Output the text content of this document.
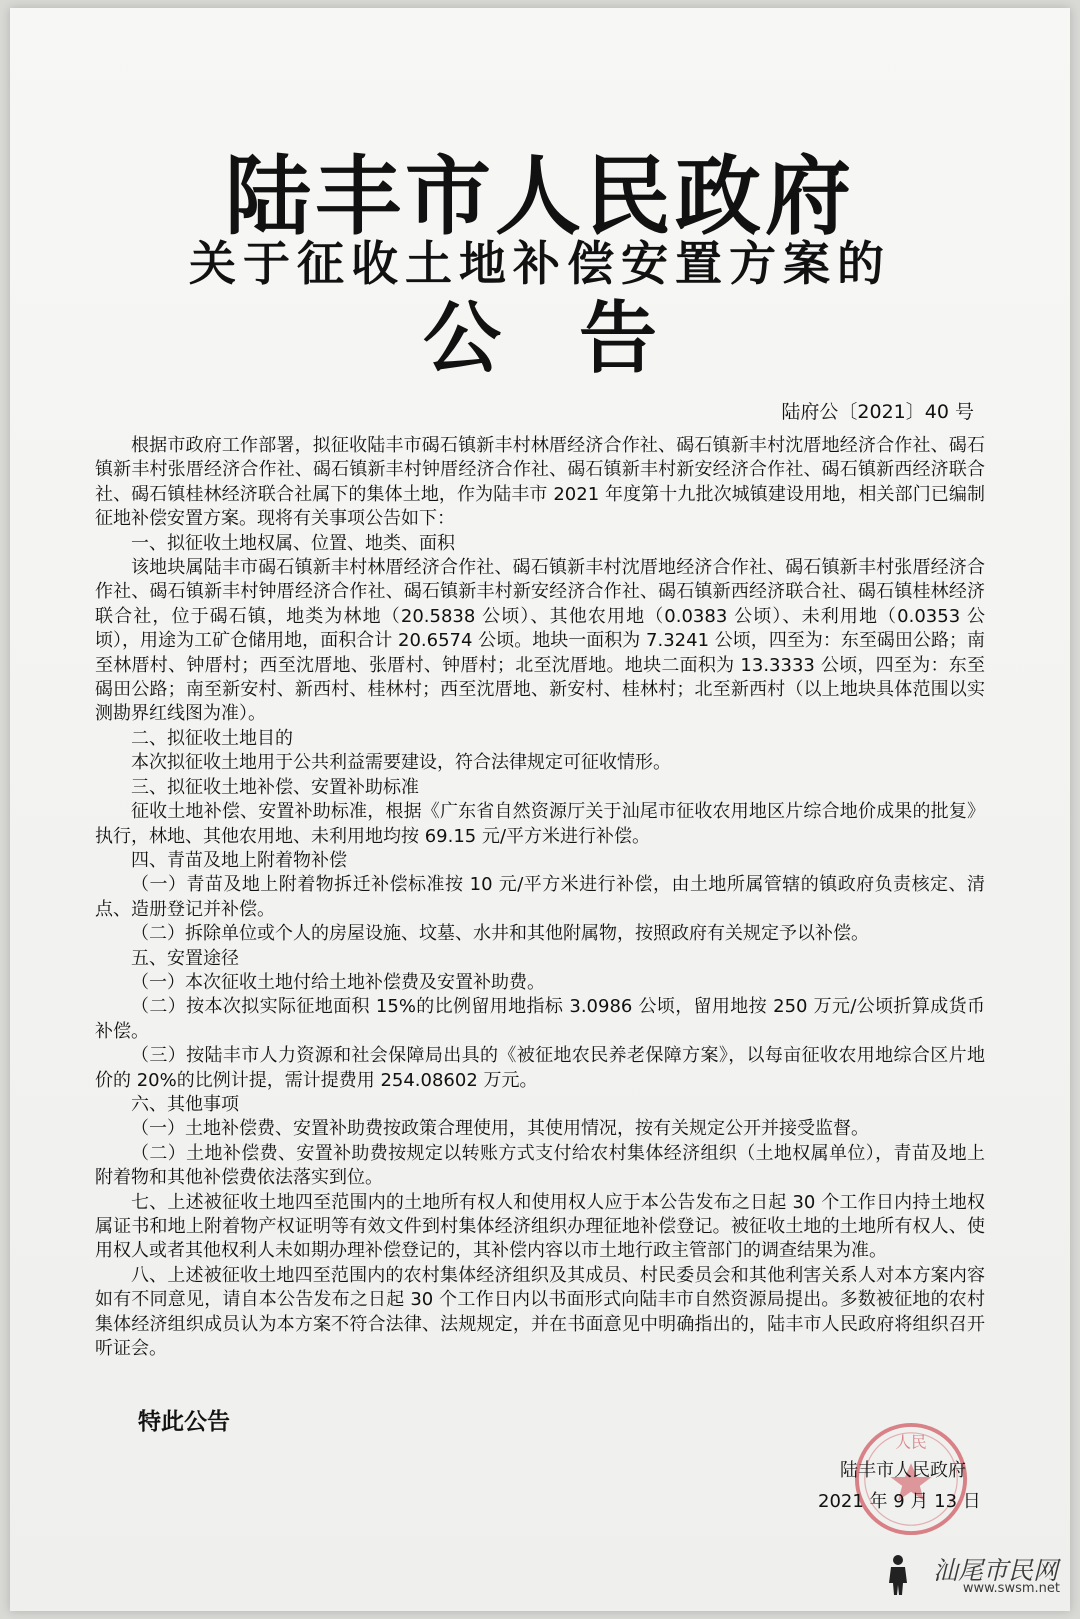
陆丰市人民政府
关于征收土地补偿安置方案的
公告
陆府公〔2021〕40 号

根据市政府工作部署，拟征收陆丰市碣石镇新丰村林厝经济合作社、碣石镇新丰村沈厝地经济合作社、碣石镇新丰村张厝经济合作社、碣石镇新丰村钟厝经济合作社、碣石镇新丰村新安经济合作社、碣石镇新西经济联合社、碣石镇桂林经济联合社属下的集体土地，作为陆丰市 2021 年度第十九批次城镇建设用地，相关部门已编制征地补偿安置方案。现将有关事项公告如下：

一、拟征收土地权属、位置、地类、面积

该地块属陆丰市碣石镇新丰村林厝经济合作社、碣石镇新丰村沈厝地经济合作社、碣石镇新丰村张厝经济合作社、碣石镇新丰村钟厝经济合作社、碣石镇新丰村新安经济合作社、碣石镇新西经济联合社、碣石镇桂林经济联合社，位于碣石镇，地类为林地（20.5838 公顷）、其他农用地（0.0383 公顷）、未利用地（0.0353 公顷），用途为工矿仓储用地，面积合计 20.6574 公顷。地块一面积为 7.3241 公顷，四至为：东至碣田公路；南至林厝村、钟厝村；西至沈厝地、张厝村、钟厝村；北至沈厝地。地块二面积为 13.3333 公顷，四至为：东至碣田公路；南至新安村、新西村、桂林村；西至沈厝地、新安村、桂林村；北至新西村（以上地块具体范围以实测勘界红线图为准）。

二、拟征收土地目的

本次拟征收土地用于公共利益需要建设，符合法律规定可征收情形。

三、拟征收土地补偿、安置补助标准

征收土地补偿、安置补助标准，根据《广东省自然资源厅关于汕尾市征收农用地区片综合地价成果的批复》执行，林地、其他农用地、未利用地均按 69.15 元/平方米进行补偿。

四、青苗及地上附着物补偿

（一）青苗及地上附着物拆迁补偿标准按 10 元/平方米进行补偿，由土地所属管辖的镇政府负责核定、清点、造册登记并补偿。

（二）拆除单位或个人的房屋设施、坟墓、水井和其他附属物，按照政府有关规定予以补偿。

五、安置途径

（一）本次征收土地付给土地补偿费及安置补助费。

（二）按本次拟实际征地面积 15%的比例留用地指标 3.0986 公顷，留用地按 250 万元/公顷折算成货币补偿。

（三）按陆丰市人力资源和社会保障局出具的《被征地农民养老保障方案》，以每亩征收农用地综合区片地价的 20%的比例计提，需计提费用 254.08602 万元。

六、其他事项

（一）土地补偿费、安置补助费按政策合理使用，其使用情况，按有关规定公开并接受监督。

（二）土地补偿费、安置补助费按规定以转账方式支付给农村集体经济组织（土地权属单位），青苗及地上附着物和其他补偿费依法落实到位。

七、上述被征收土地四至范围内的土地所有权人和使用权人应于本公告发布之日起 30 个工作日内持土地权属证书和地上附着物产权证明等有效文件到村集体经济组织办理征地补偿登记。被征收土地的土地所有权人、使用权人或者其他权利人未如期办理补偿登记的，其补偿内容以市土地行政主管部门的调查结果为准。

八、上述被征收土地四至范围内的农村集体经济组织及其成员、村民委员会和其他利害关系人对本方案内容如有不同意见，请自本公告发布之日起 30 个工作日内以书面形式向陆丰市自然资源局提出。多数被征地的农村集体经济组织成员认为本方案不符合法律、法规规定，并在书面意见中明确指出的，陆丰市人民政府将组织召开听证会。

特此公告
人民
陆丰市人民政府
2021 年 9 月 13 日
汕尾市民网
www.swsm.net
